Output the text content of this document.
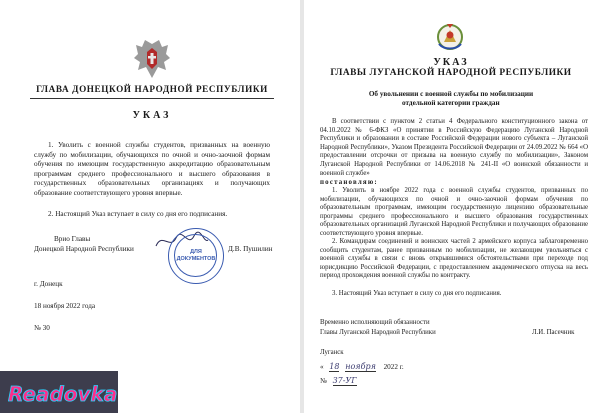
ГЛАВА ДОНЕЦКОЙ НАРОДНОЙ РЕСПУБЛИКИ
УКАЗ
1. Уволить с военной службы студентов, призванных на военную службу по мобилизации, обучающихся по очной и очно-заочной формам обучения по имеющим государственную аккредитацию образовательным программам среднего профессионального и высшего образования в государственных образовательных организациях и получающих образование соответствующего уровня впервые.
2. Настоящий Указ вступает в силу со дня его подписания.
Врио Главы
Донецкой Народной Республики	Д.В. Пушилин
ДЛЯ
ДОКУМЕНТОВ
г. Донецк
18 ноября 2022 года
№ 30
УКАЗ
ГЛАВЫ ЛУГАНСКОЙ НАРОДНОЙ РЕСПУБЛИКИ
Об увольнении с военной службы по мобилизации
отдельной категории граждан
В соответствии с пунктом 2 статьи 4 Федерального конституционного закона от 04.10.2022 № 6-ФКЗ «О принятии в Российскую Федерацию Луганской Народной Республики и образовании в составе Российской Федерации нового субъекта – Луганской Народной Республики», Указом Президента Российской Федерации от 24.09.2022 № 664 «О предоставлении отсрочки от призыва на военную службу по мобилизации», Законом Луганской Народной Республики от 14.06.2018 № 241-II «О воинской обязанности и военной службе»
постановляю:
1. Уволить в ноябре 2022 года с военной службы студентов, призванных по мобилизации, обучающихся по очной и очно-заочной формам обучения по образовательным программам, имеющим государственную лицензию образовательные программы среднего профессионального и высшего образования государственных образовательных организаций Луганской Народной Республики и получающих образование соответствующего уровня впервые.
2. Командирам соединений и воинских частей 2 армейского корпуса заблаговременно сообщить студентам, ранее призванным по мобилизации, не желающим увольняться с военной службы в связи с вновь открывшимися обстоятельствами при переходе под юрисдикцию Российской Федерации, с предоставлением академического отпуска на весь период прохождения военной службы по контракту.
3. Настоящий Указ вступает в силу со дня его подписания.
Временно исполняющий обязанности
Главы Луганской Народной Республики	Л.И. Пасечник
Луганск
« 18 ноября 2022 г.
№ 37-УГ
Readovka
